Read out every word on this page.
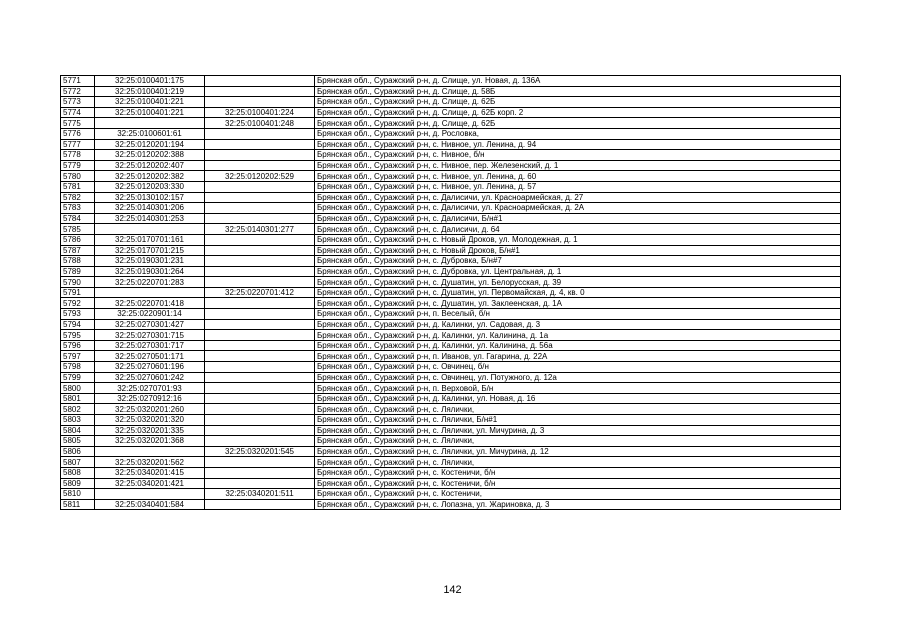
5771	32:25:0100401:175		Брянская обл., Суражский р-н, д. Слище, ул. Новая, д. 136А
5772	32:25:0100401:219		Брянская обл., Суражский р-н, д. Слище, д. 58Б
5773	32:25:0100401:221		Брянская обл., Суражский р-н, д. Слище, д. 62Б
5774	32:25:0100401:221	32:25:0100401:224	Брянская обл., Суражский р-н, д. Слище, д. 62Б корп. 2
5775		32:25:0100401:248	Брянская обл., Суражский р-н, д. Слище, д. 62Б
5776	32:25:0100601:61		Брянская обл., Суражский р-н, д. Рословка,
5777	32:25:0120201:194		Брянская обл., Суражский р-н, с. Нивное, ул. Ленина, д. 94
5778	32:25:0120202:388		Брянская обл., Суражский р-н, с. Нивное, б/н
5779	32:25:0120202:407		Брянская обл., Суражский р-н, с. Нивное, пер. Железенский, д. 1
5780	32:25:0120202:382	32:25:0120202:529	Брянская обл., Суражский р-н, с. Нивное, ул. Ленина, д. 60
5781	32:25:0120203:330		Брянская обл., Суражский р-н, с. Нивное, ул. Ленина, д. 57
5782	32:25:0130102:157		Брянская обл., Суражский р-н, с. Далисичи, ул. Красноармейская, д. 27
5783	32:25:0140301:206		Брянская обл., Суражский р-н, с. Далисичи, ул. Красноармейская, д. 2А
5784	32:25:0140301:253		Брянская обл., Суражский р-н, с. Далисичи, Б/н#1
5785		32:25:0140301:277	Брянская обл., Суражский р-н, с. Далисичи, д. 64
5786	32:25:0170701:161		Брянская обл., Суражский р-н, с. Новый Дроков, ул. Молодежная, д. 1
5787	32:25:0170701:215		Брянская обл., Суражский р-н, с. Новый Дроков, Б/н#1
5788	32:25:0190301:231		Брянская обл., Суражский р-н, с. Дубровка, Б/н#7
5789	32:25:0190301:264		Брянская обл., Суражский р-н, с. Дубровка, ул. Центральная, д. 1
5790	32:25:0220701:283		Брянская обл., Суражский р-н, с. Душатин, ул. Белорусская, д. 39
5791		32:25:0220701:412	Брянская обл., Суражский р-н, с. Душатин, ул. Первомайская, д. 4, кв. 0
5792	32:25:0220701:418		Брянская обл., Суражский р-н, с. Душатин, ул. Заклеенская, д. 1А
5793	32:25:0220901:14		Брянская обл., Суражский р-н, п. Веселый, б/н
5794	32:25:0270301:427		Брянская обл., Суражский р-н, д. Калинки, ул. Садовая, д. 3
5795	32:25:0270301:715		Брянская обл., Суражский р-н, д. Калинки, ул. Калинина, д. 1а
5796	32:25:0270301:717		Брянская обл., Суражский р-н, д. Калинки, ул. Калинина, д. 56а
5797	32:25:0270501:171		Брянская обл., Суражский р-н, п. Иванов, ул. Гагарина, д. 22А
5798	32:25:0270601:196		Брянская обл., Суражский р-н, с. Овчинец, б/н
5799	32:25:0270601:242		Брянская обл., Суражский р-н, с. Овчинец, ул. Потужного, д. 12а
5800	32:25:0270701:93		Брянская обл., Суражский р-н, п. Верховой, Б/н
5801	32:25:0270912:16		Брянская обл., Суражский р-н, д. Калинки, ул. Новая, д. 16
5802	32:25:0320201:260		Брянская обл., Суражский р-н, с. Лялички,
5803	32:25:0320201:320		Брянская обл., Суражский р-н, с. Лялички, Б/н#1
5804	32:25:0320201:335		Брянская обл., Суражский р-н, с. Лялички, ул. Мичурина, д. 3
5805	32:25:0320201:368		Брянская обл., Суражский р-н, с. Лялички,
5806		32:25:0320201:545	Брянская обл., Суражский р-н, с. Лялички, ул. Мичурина, д. 12
5807	32:25:0320201:562		Брянская обл., Суражский р-н, с. Лялички,
5808	32:25:0340201:415		Брянская обл., Суражский р-н, с. Костеничи, б/н
5809	32:25:0340201:421		Брянская обл., Суражский р-н, с. Костеничи, б/н
5810		32:25:0340201:511	Брянская обл., Суражский р-н, с. Костеничи,
5811	32:25:0340401:584		Брянская обл., Суражский р-н, с. Лопазна, ул. Жариновка, д. 3
142
